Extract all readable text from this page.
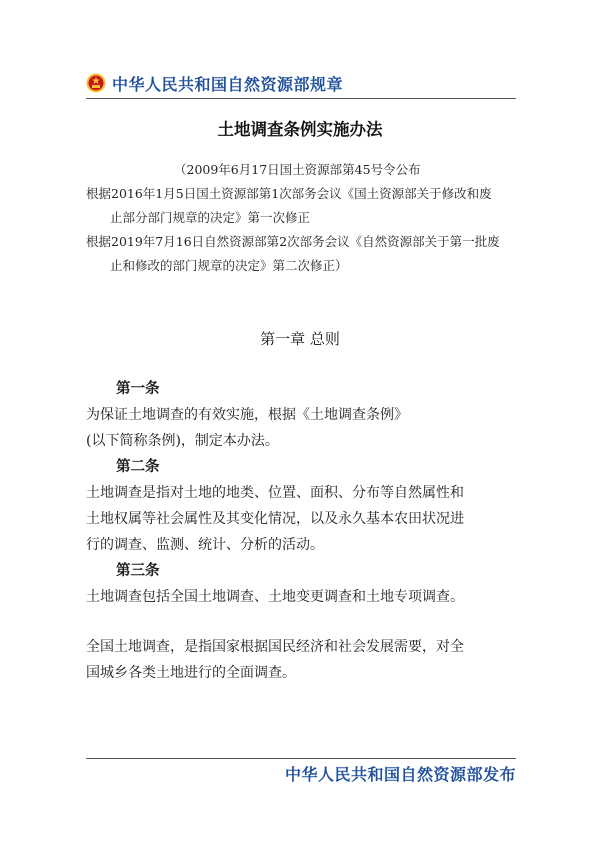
中华人民共和国自然资源部规章
土地调查条例实施办法

（2009年6月17日国土资源部第45号令公布

根据2016年1月5日国土资源部第1次部务会议《国土资源部关于修改和废

止部分部门规章的决定》第一次修正

根据2019年7月16日自然资源部第2次部务会议《自然资源部关于第一批废

止和修改的部门规章的决定》第二次修正）

第一章 总则

第一条

为保证土地调查的有效实施，根据《土地调查条例》

(以下简称条例)，制定本办法。

第二条

土地调查是指对土地的地类、位置、面积、分布等自然属性和

土地权属等社会属性及其变化情况，以及永久基本农田状况进

行的调查、监测、统计、分析的活动。

第三条

土地调查包括全国土地调查、土地变更调查和土地专项调查。

全国土地调查，是指国家根据国民经济和社会发展需要，对全

国城乡各类土地进行的全面调查。

中华人民共和国自然资源部发布
